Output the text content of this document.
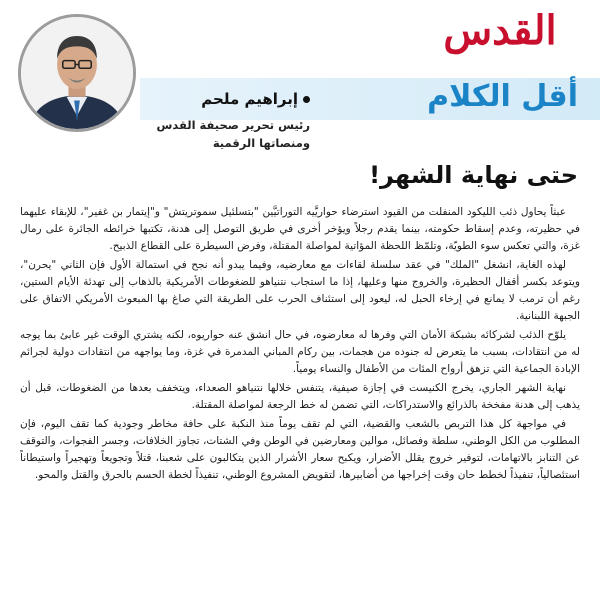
القدس
أقل الكلام
إبراهيم ملحم
رئيس تحرير صحيفة القدس
ومنصاتها الرقمية
حتى نهاية الشهر!

عبثاً يحاول ذئب الليكود المنفلت من القيود استرضاء حواريَّيه التوراتيَّين "بتسلئيل سموتريتش" و"إيتمار بن غفير"، للإبقاء عليهما في حظيرته، وعدم إسقاط حكومته، بينما يقدم رجلاً ويؤخر أخرى في طريق التوصل إلى هدنة، تكتبها خرائطه الجائرة على رمال غزة، والتي تعكس سوء الطويّة، وتلمّظ اللحظة المؤاتية لمواصلة المقتلة، وفرض السيطرة على القطاع الذبيح.

لهذه الغاية، انشغل "الملك" في عقد سلسلة لقاءات مع معارضيه، وفيما يبدو أنه نجح في استمالة الأول فإن الثاني "يحرن"، ويتوعد بكسر أقفال الحظيرة، والخروج منها وعليها، إذا ما استجاب نتنياهو للضغوطات الأمريكية بالذهاب إلى تهدئة الأيام الستين، رغم أن ترمب لا يمانع في إرخاء الحبل له، ليعود إلى استئناف الحرب على الطريقة التي صاغ بها المبعوث الأمريكي الاتفاق على الجبهة اللبنانية.

يلوّح الذئب لشركائه بشبكة الأمان التي وفرها له معارضوه، في حال انشق عنه حواريوه، لكنه يشتري الوقت غير عابئ بما يوجه له من انتقادات، بسبب ما يتعرض له جنوده من هجمات، بين ركام المباني المدمرة في غزة، وما يواجهه من انتقادات دولية لجرائم الإبادة الجماعية التي تزهق أرواح المئات من الأطفال والنساء يومياً.

نهاية الشهر الجاري، يخرج الكنيست في إجازة صيفية، يتنفس خلالها نتنياهو الصعداء، ويتخفف بعدها من الضغوطات، قبل أن يذهب إلى هدنة مفخخة بالذرائع والاستدراكات، التي تضمن له خط الرجعة لمواصلة المقتلة.

في مواجهة كل هذا التربص بالشعب والقضية، التي لم تقف يوماً منذ النكبة على حافة مخاطر وجودية كما تقف اليوم، فإن المطلوب من الكل الوطني، سلطة وفصائل، موالين ومعارضين في الوطن وفي الشتات، تجاوز الخلافات، وجسر الفجوات، والتوقف عن التنابز بالاتهامات، لتوفير خروج يقلل الأضرار، ويكبح سعار الأشرار الذين يتكالبون على شعبنا، قتلاً وتجويعاً وتهجيراً واستيطاناً استئصالياً، تنفيذاً لخطط حان وقت إخراجها من أضابيرها، لتقويض المشروع الوطني، تنفيذاً لخطة الحسم بالحرق والقتل والمحو.
